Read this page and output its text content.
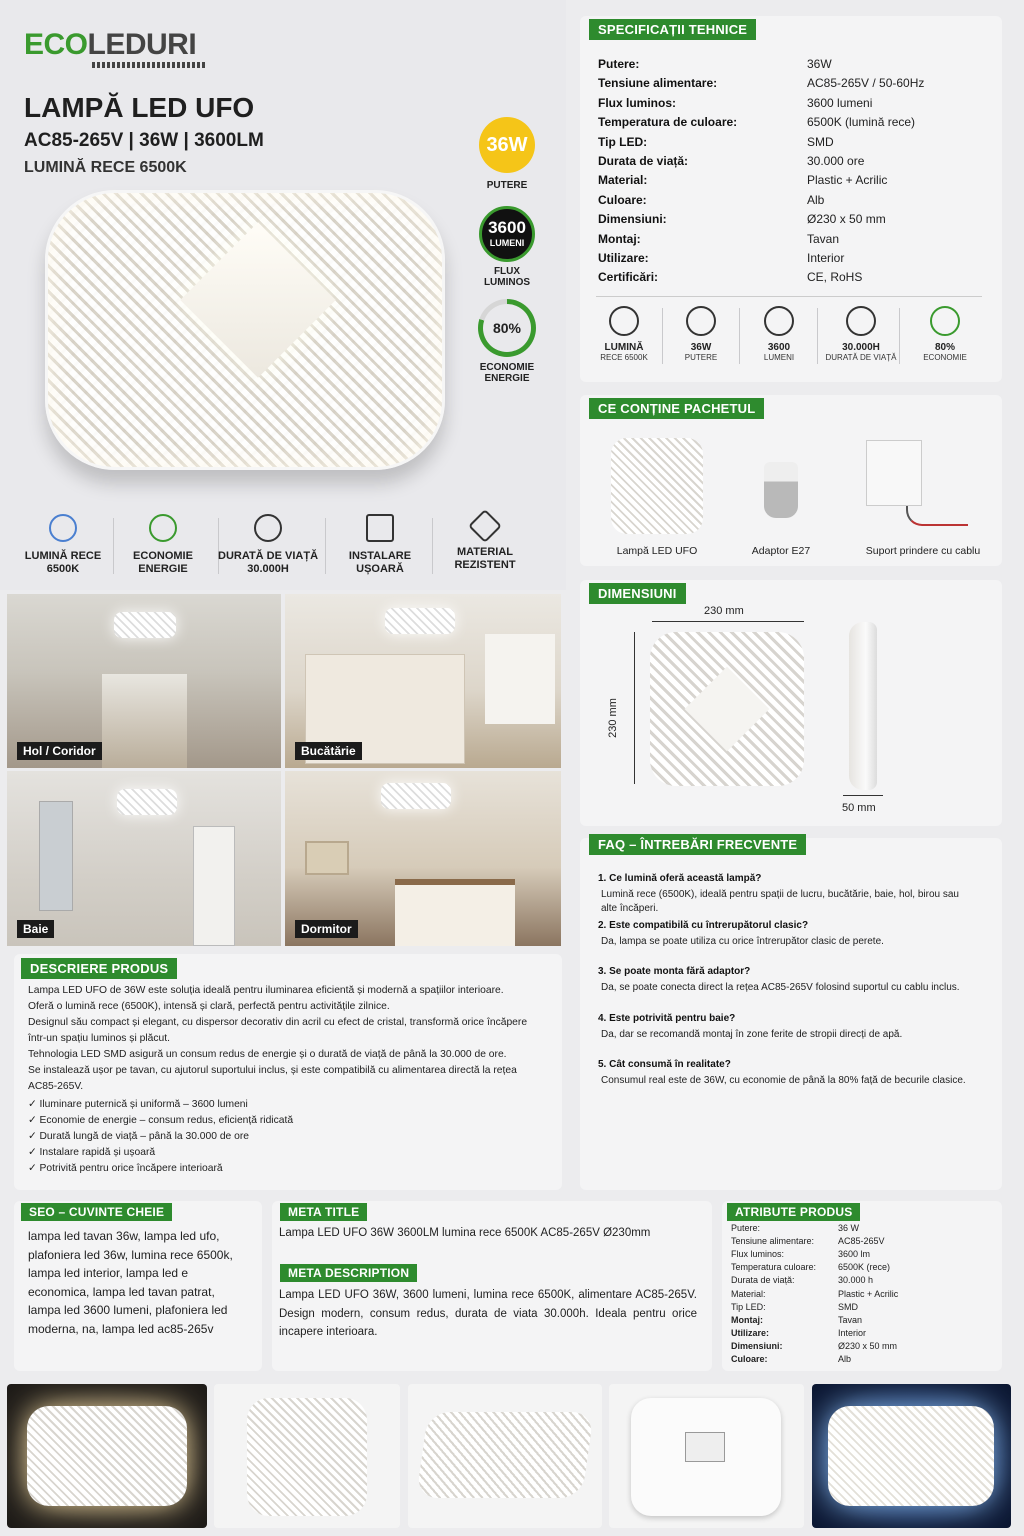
ECOLEDURI
LAMPĂ LED UFO
AC85-265V | 36W | 3600LM
LUMINĂ RECE 6500K
36W
PUTERE
3600
LUMENI
FLUX LUMINOS
80%
ECONOMIE ENERGIE
LUMINĂ RECE 6500K
ECONOMIE ENERGIE
DURATĂ DE VIAȚĂ 30.000H
INSTALARE UȘOARĂ
MATERIAL REZISTENT
Hol / Coridor	Bucătărie
Baie	Dormitor
DESCRIERE PRODUS
Lampa LED UFO de 36W este soluția ideală pentru iluminarea eficientă și modernă a spațiilor interioare.
Oferă o lumină rece (6500K), intensă și clară, perfectă pentru activitățile zilnice.
Designul său compact și elegant, cu dispersor decorativ din acril cu efect de cristal, transformă orice încăpere într-un spațiu luminos și plăcut.
Tehnologia LED SMD asigură un consum redus de energie și o durată de viață de până la 30.000 de ore.
Se instalează ușor pe tavan, cu ajutorul suportului inclus, și este compatibilă cu alimentarea directă la rețea AC85-265V.
✓ Iluminare puternică și uniformă – 3600 lumeni
✓ Economie de energie – consum redus, eficiență ridicată
✓ Durată lungă de viață – până la 30.000 de ore
✓ Instalare rapidă și ușoară
✓ Potrivită pentru orice încăpere interioară
SPECIFICAȚII TEHNICE
Putere:	36W
Tensiune alimentare:	AC85-265V / 50-60Hz
Flux luminos:	3600 lumeni
Temperatura de culoare:	6500K (lumină rece)
Tip LED:	SMD
Durata de viață:	30.000 ore
Material:	Plastic + Acrilic
Culoare:	Alb
Dimensiuni:	Ø230 x 50 mm
Montaj:	Tavan
Utilizare:	Interior
Certificări:	CE, RoHS
LUMINĂ
RECE 6500K
36W
PUTERE
3600
LUMENI
30.000H
DURATĂ DE VIAȚĂ
80%
ECONOMIE
CE CONȚINE PACHETUL
Lampă LED UFO	Adaptor E27	Suport prindere cu cablu
DIMENSIUNI
230 mm
230 mm
50 mm
FAQ – ÎNTREBĂRI FRECVENTE
1. Ce lumină oferă această lampă?
Lumină rece (6500K), ideală pentru spații de lucru, bucătărie, baie, hol, birou sau alte încăperi.
2. Este compatibilă cu întrerupătorul clasic?
Da, lampa se poate utiliza cu orice întrerupător clasic de perete.
3. Se poate monta fără adaptor?
Da, se poate conecta direct la rețea AC85-265V folosind suportul cu cablu inclus.
4. Este potrivită pentru baie?
Da, dar se recomandă montaj în zone ferite de stropii direcți de apă.
5. Cât consumă în realitate?
Consumul real este de 36W, cu economie de până la 80% față de becurile clasice.
SEO – CUVINTE CHEIE
lampa led tavan 36w, lampa led ufo, plafoniera led 36w, lumina rece 6500k, lampa led interior, lampa led e economica, lampa led tavan patrat, lampa led 3600 lumeni, plafoniera led moderna, na, lampa led ac85-265v
META TITLE
Lampa LED UFO 36W 3600LM lumina rece 6500K AC85-265V Ø230mm
META DESCRIPTION
Lampa LED UFO 36W, 3600 lumeni, lumina rece 6500K, alimentare AC85-265V. Design modern, consum redus, durata de viata 30.000h. Ideala pentru orice incapere interioara.
ATRIBUTE PRODUS
Putere:	36 W
Tensiune alimentare:	AC85-265V
Flux luminos:	3600 lm
Temperatura culoare: 6500K (rece)
Durata de viață:	30.000 h
Material:	Plastic + Acrilic
Tip LED:	SMD
Montaj:	Tavan
Utilizare:	Interior
Dimensiuni:	Ø230 x 50 mm
Culoare:	Alb
